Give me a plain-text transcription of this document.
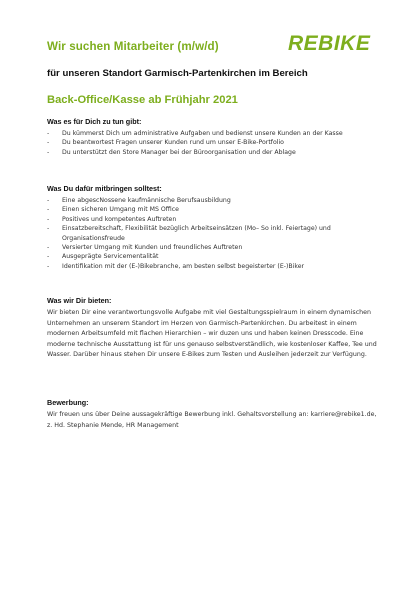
Wir suchen Mitarbeiter (m/w/d)	REBIKE
für unseren Standort Garmisch-Partenkirchen im Bereich
Back-Office/Kasse ab Frühjahr 2021
Was es für Dich zu tun gibt:
-	Du kümmerst Dich um administrative Aufgaben und bedienst unsere Kunden an der Kasse
-	Du beantwortest Fragen unserer Kunden rund um unser E-Bike-Portfolio
-	Du unterstützt den Store Manager bei der Büroorganisation und der Ablage
Was Du dafür mitbringen solltest:
-	Eine abgescNossene kaufmännische Berufsausbildung
-	Einen sicheren Umgang mit MS Office
-	Positives und kompetentes Auftreten
-	Einsatzbereitschaft, Flexibilität bezüglich Arbeitseinsätzen (Mo– So inkl. Feiertage) und Organisationsfreude
-	Versierter Umgang mit Kunden und freundliches Auftreten
-	Ausgeprägte Servicementalität
-	Identifikation mit der (E-)Bikebranche, am besten selbst begeisterter (E-)Biker
Was wir Dir bieten:

Wir bieten Dir eine verantwortungsvolle Aufgabe mit viel Gestaltungsspielraum in einem dynamischen Unternehmen an unserem Standort im Herzen von Garmisch-Partenkirchen. Du arbeitest in einem modernen Arbeitsumfeld mit flachen Hierarchien – wir duzen uns und haben keinen Dresscode. Eine moderne technische Ausstattung ist für uns genauso selbstverständlich, wie kostenloser Kaffee, Tee und Wasser. Darüber hinaus stehen Dir unsere E-Bikes zum Testen und Ausleihen jederzeit zur Verfügung.

Bewerbung:

Wir freuen uns über Deine aussagekräftige Bewerbung inkl. Gehaltsvorstellung an: karriere@rebike1.de, z. Hd. Stephanie Mende, HR Management
